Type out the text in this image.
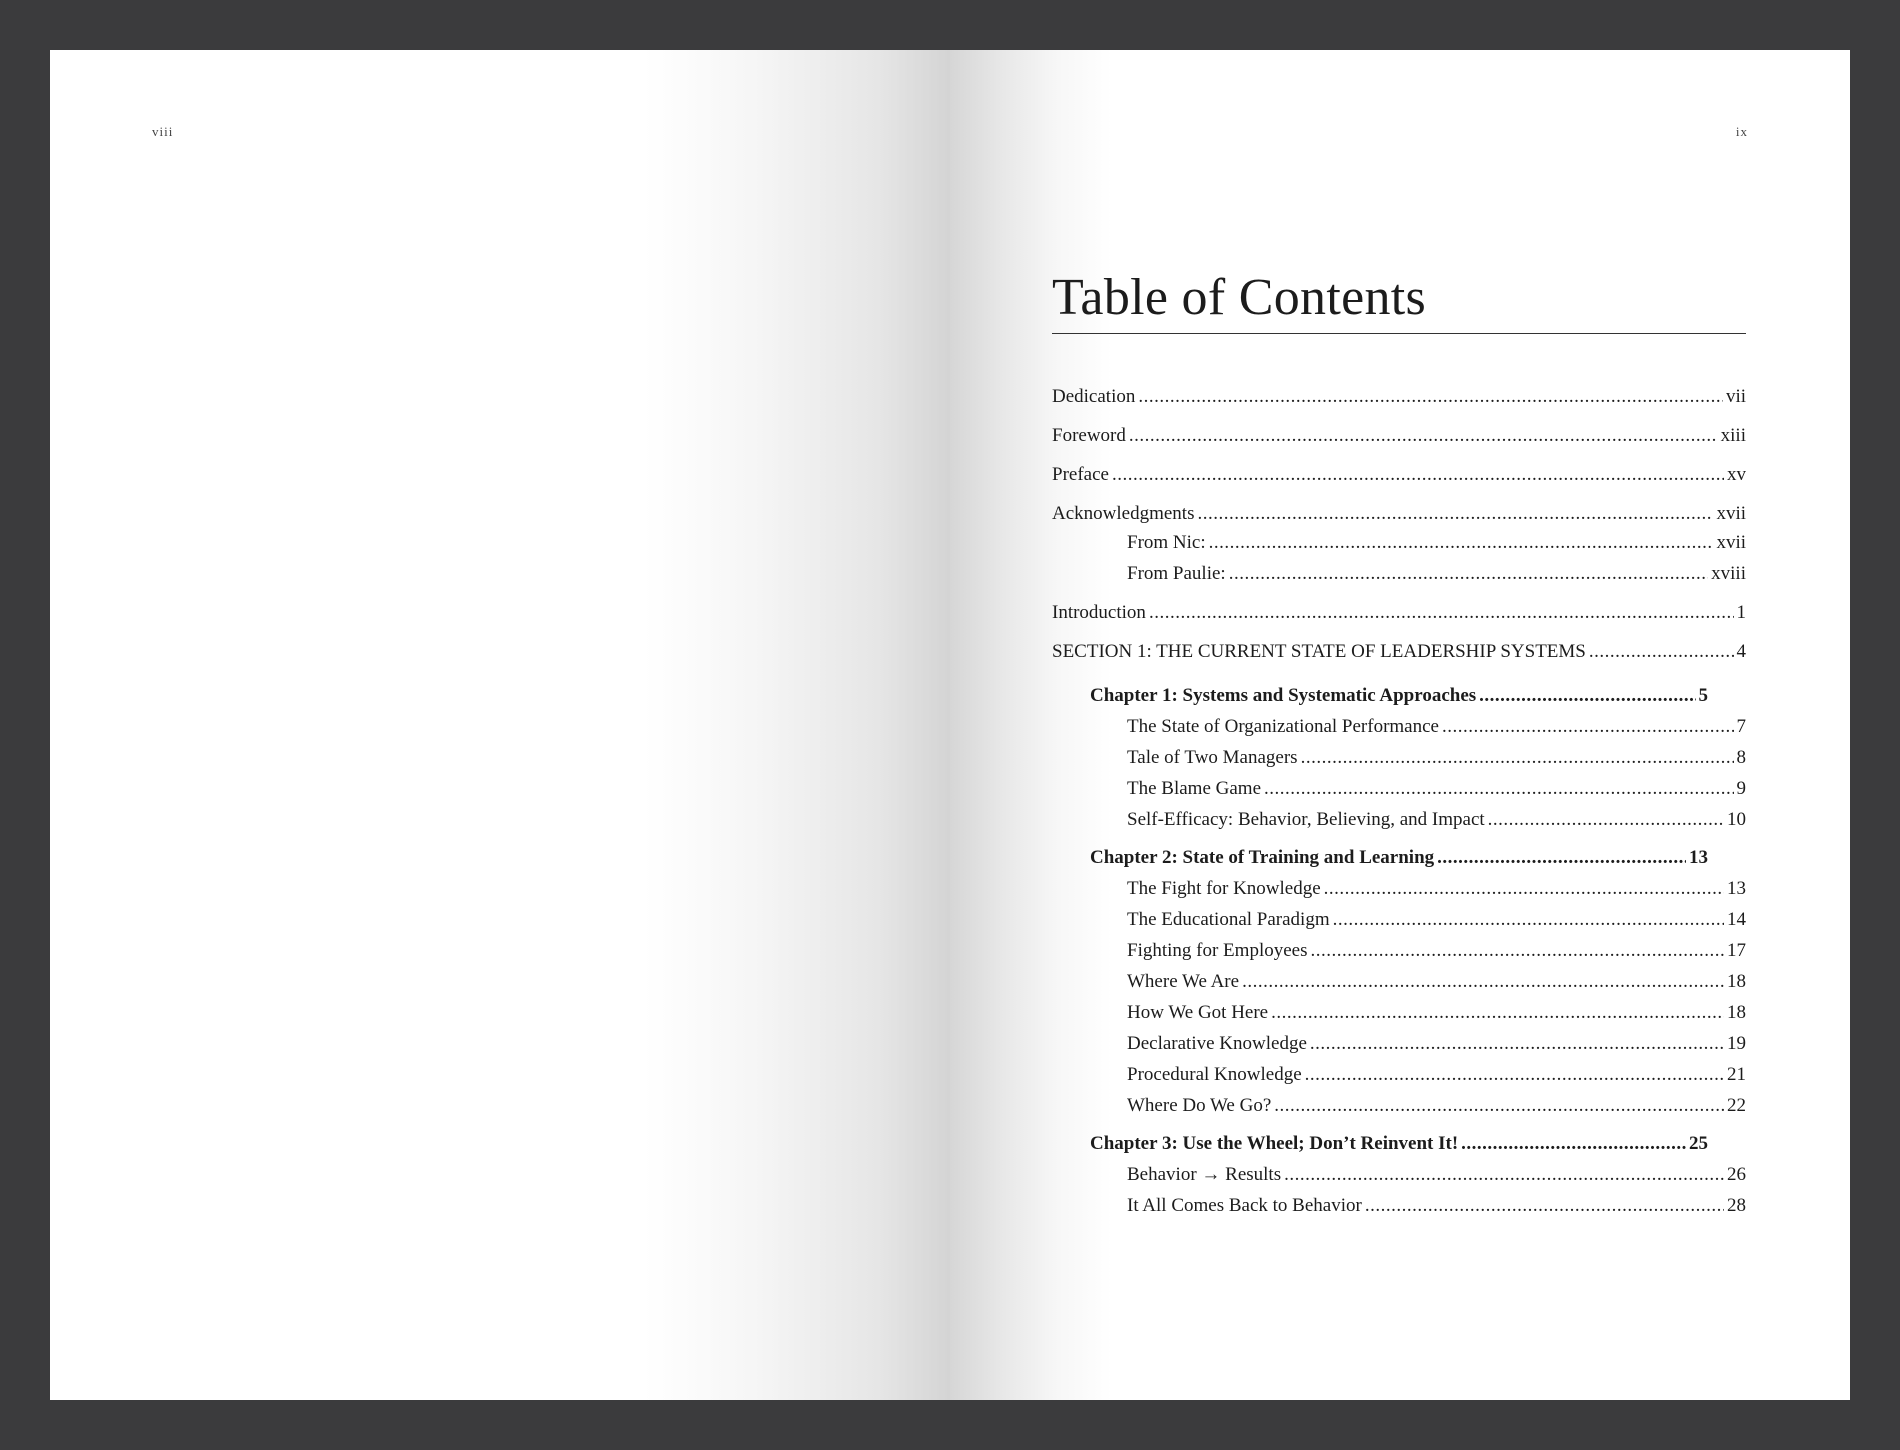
viii	ix
Table of Contents
Dedication .....	vii
Foreword .....	xiii
Preface .....	xv
Acknowledgments .....	xvii
From Nic: .....	xvii
From Paulie: .....	xviii
Introduction .....	1
SECTION 1: THE CURRENT STATE OF LEADERSHIP SYSTEMS .....	4
Chapter 1: Systems and Systematic Approaches .....	5
The State of Organizational Performance .....	7
Tale of Two Managers .....	8
The Blame Game .....	9
Self-Efficacy: Behavior, Believing, and Impact .....	10
Chapter 2: State of Training and Learning .....	13
The Fight for Knowledge .....	13
The Educational Paradigm .....	14
Fighting for Employees .....	17
Where We Are .....	18
How We Got Here .....	18
Declarative Knowledge .....	19
Procedural Knowledge .....	21
Where Do We Go? .....	22
Chapter 3: Use the Wheel; Don’t Reinvent It! .....	25
Behavior → Results .....	26
It All Comes Back to Behavior .....	28
